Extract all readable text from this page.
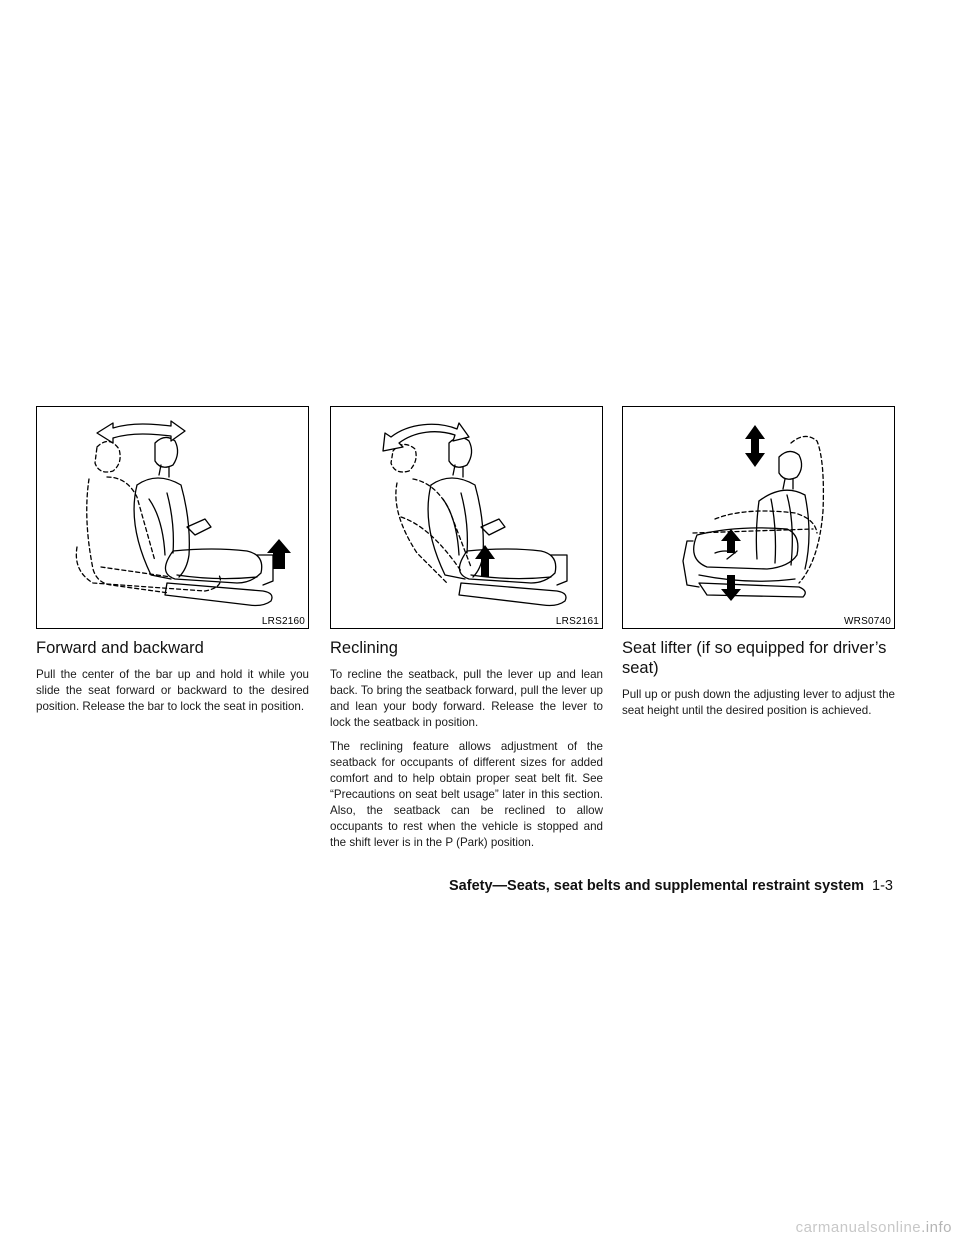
LRS2160
Forward and backward

Pull the center of the bar up and hold it while you slide the seat forward or backward to the desired position. Release the bar to lock the seat in position.

LRS2161
Reclining

To recline the seatback, pull the lever up and lean back. To bring the seatback forward, pull the lever up and lean your body forward. Release the lever to lock the seatback in position.

The reclining feature allows adjustment of the seatback for occupants of different sizes for added comfort and to help obtain proper seat belt fit. See “Precautions on seat belt usage” later in this section. Also, the seatback can be reclined to allow occupants to rest when the vehicle is stopped and the shift lever is in the P (Park) position.

WRS0740
Seat lifter (if so equipped for driver’s seat)

Pull up or push down the adjusting lever to adjust the seat height until the desired position is achieved.

Safety—Seats, seat belts and supplemental restraint system 1-3
carmanualsonline.info
